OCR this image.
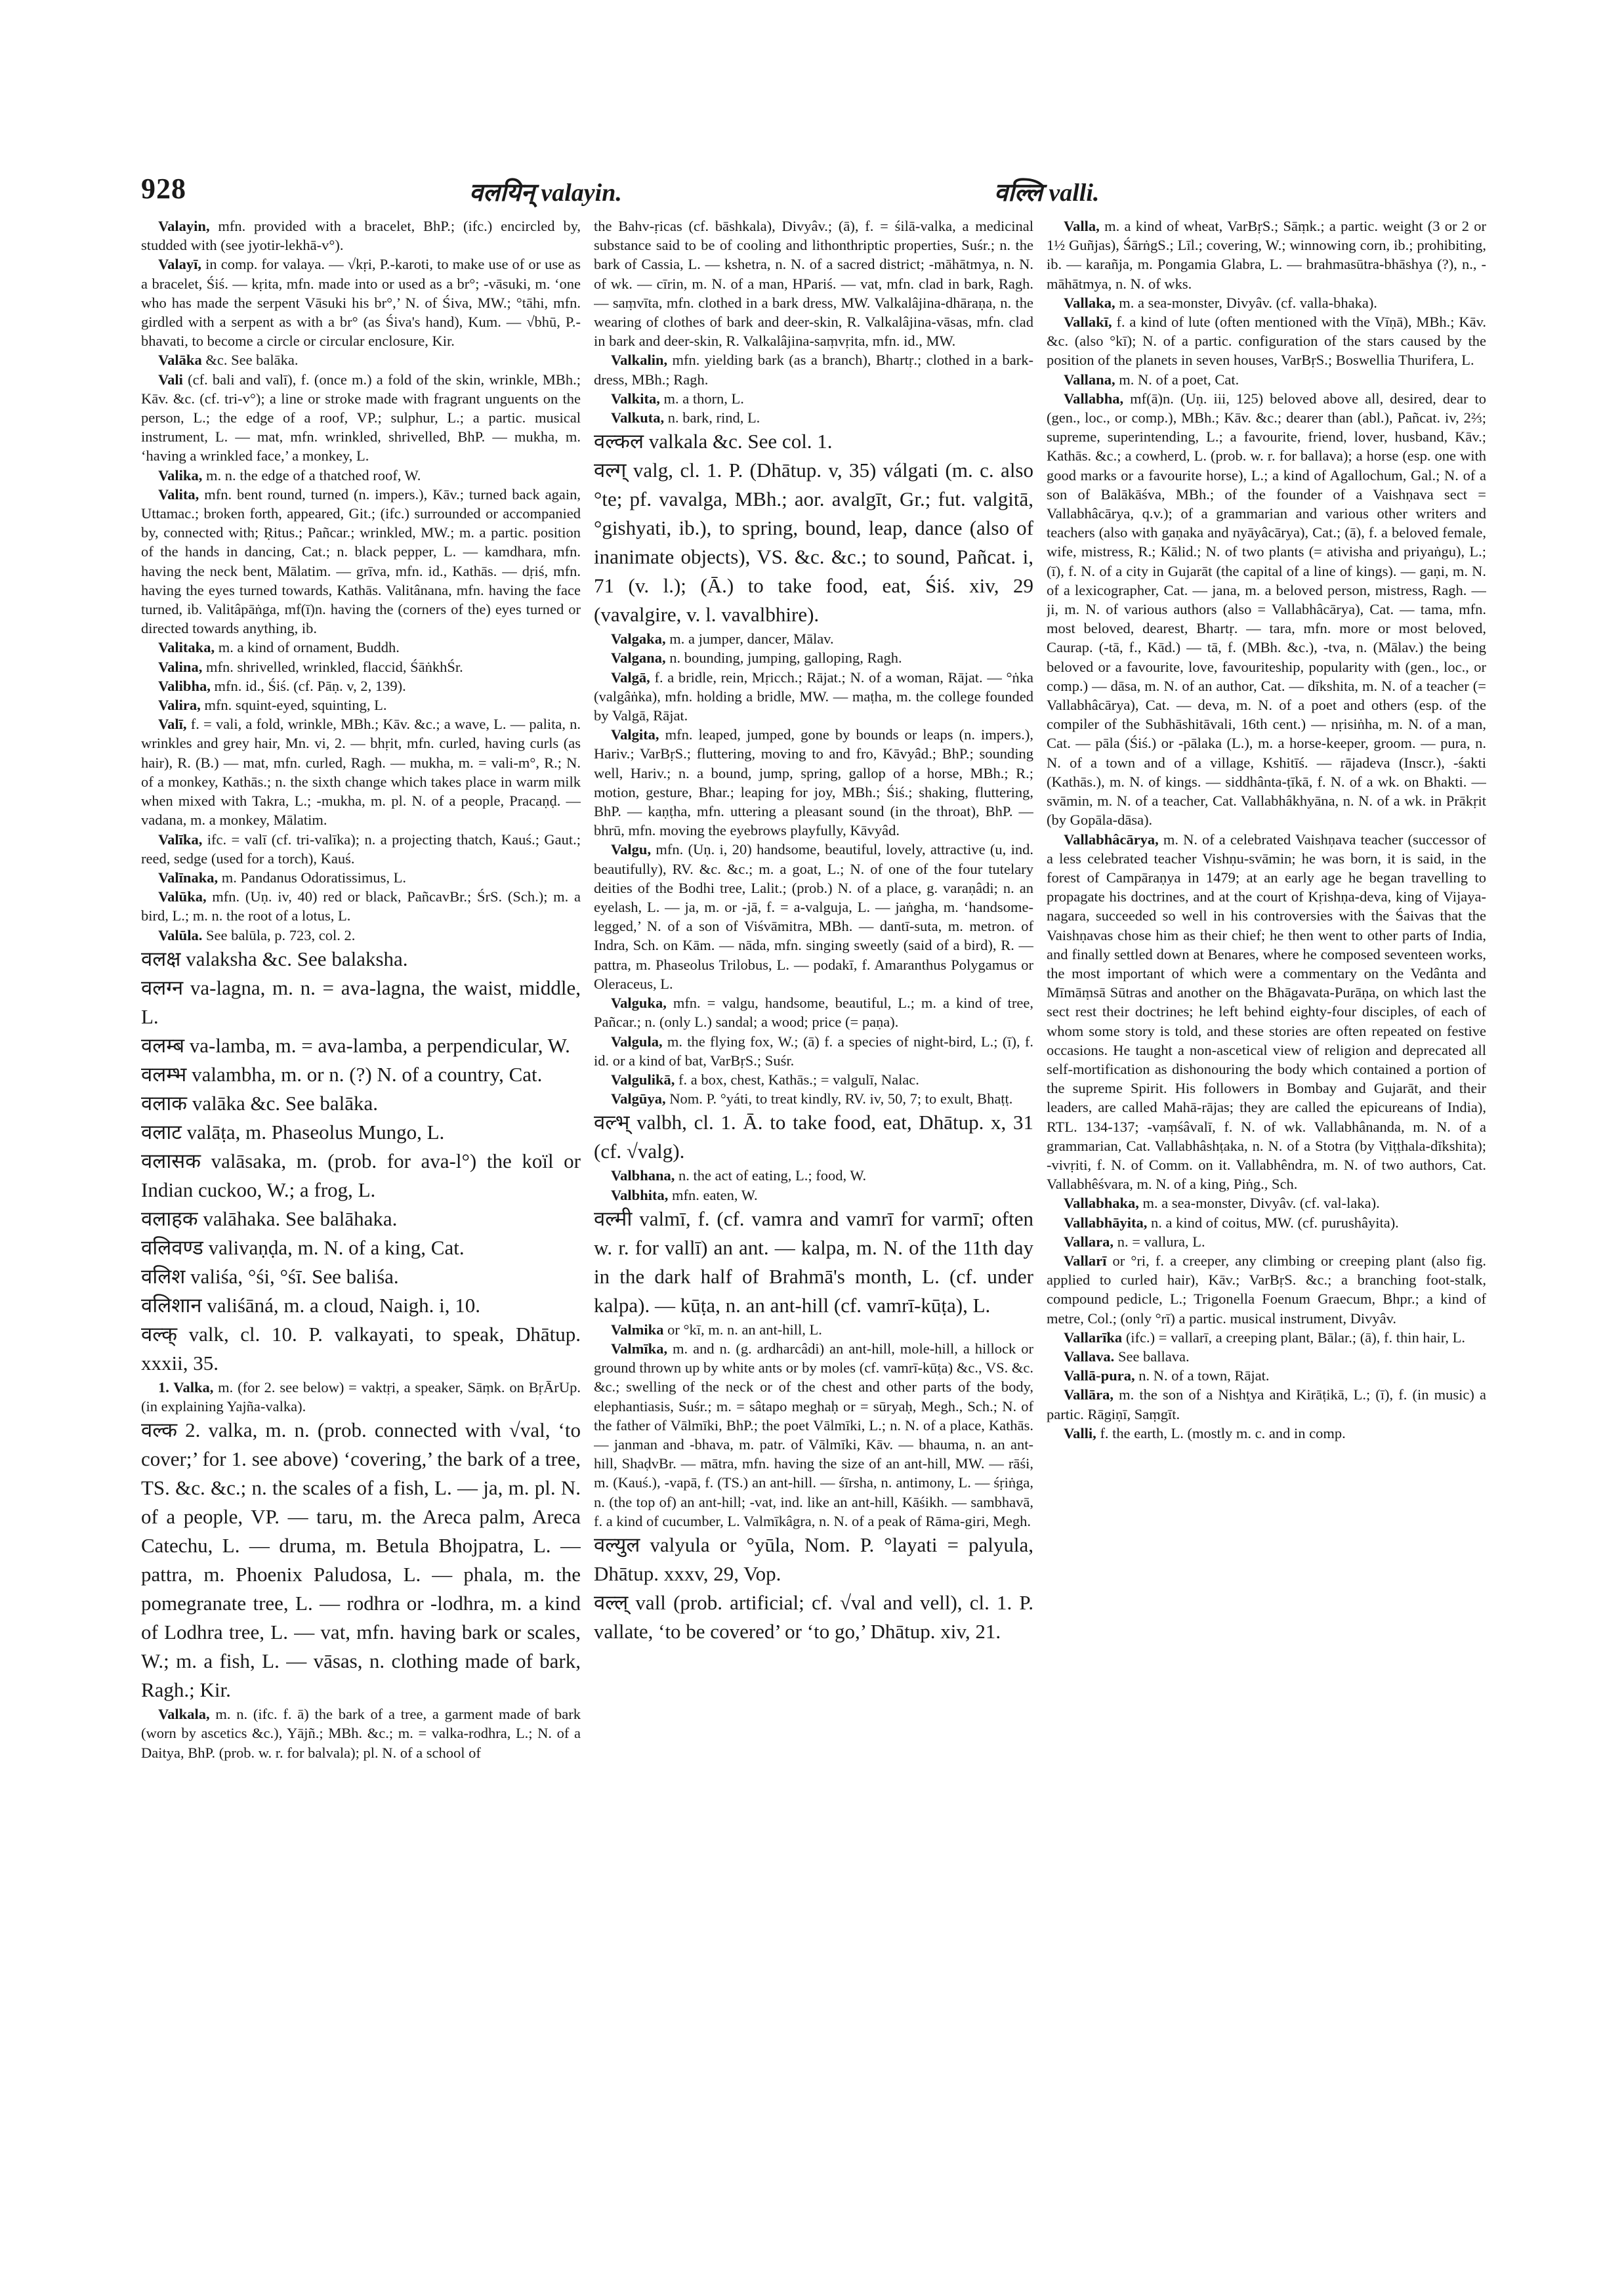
928	वलयिन् valayin.	वल्लि valli.

Valayin, mfn. provided with a bracelet, BhP.; (ifc.) encircled by, studded with (see jyotir-lekhā-v°).

Valayī, in comp. for valaya. — √kṛi, P.-karoti, to make use of or use as a bracelet, Śiś. — kṛita, mfn. made into or used as a br°; -vāsuki, m. ‘one who has made the serpent Vāsuki his br°,’ N. of Śiva, MW.; °tāhi, mfn. girdled with a serpent as with a br° (as Śiva's hand), Kum. — √bhū, P.-bhavati, to become a circle or circular enclosure, Kir.

Valāka &c. See balāka.

Vali (cf. bali and valī), f. (once m.) a fold of the skin, wrinkle, MBh.; Kāv. &c. (cf. tri-v°); a line or stroke made with fragrant unguents on the person, L.; the edge of a roof, VP.; sulphur, L.; a partic. musical instrument, L. — mat, mfn. wrinkled, shrivelled, BhP. — mukha, m. ‘having a wrinkled face,’ a monkey, L.

Valika, m. n. the edge of a thatched roof, W.

Valita, mfn. bent round, turned (n. impers.), Kāv.; turned back again, Uttamac.; broken forth, appeared, Git.; (ifc.) surrounded or accompanied by, connected with; Ṛitus.; Pañcar.; wrinkled, MW.; m. a partic. position of the hands in dancing, Cat.; n. black pepper, L. — kamdhara, mfn. having the neck bent, Mālatim. — grīva, mfn. id., Kathās. — dṛiś, mfn. having the eyes turned towards, Kathās. Valitânana, mfn. having the face turned, ib. Valitâpāṅga, mf(ī)n. having the (corners of the) eyes turned or directed towards anything, ib.

Valitaka, m. a kind of ornament, Buddh.

Valina, mfn. shrivelled, wrinkled, flaccid, ŚāṅkhŚr.

Valibha, mfn. id., Śiś. (cf. Pāṇ. v, 2, 139).

Valira, mfn. squint-eyed, squinting, L.

Valī, f. = vali, a fold, wrinkle, MBh.; Kāv. &c.; a wave, L. — palita, n. wrinkles and grey hair, Mn. vi, 2. — bhṛit, mfn. curled, having curls (as hair), R. (B.) — mat, mfn. curled, Ragh. — mukha, m. = vali-m°, R.; N. of a monkey, Kathās.; n. the sixth change which takes place in warm milk when mixed with Takra, L.; -mukha, m. pl. N. of a people, Pracaṇḍ. — vadana, m. a monkey, Mālatim.

Valīka, ifc. = valī (cf. tri-valīka); n. a projecting thatch, Kauś.; Gaut.; reed, sedge (used for a torch), Kauś.

Valīnaka, m. Pandanus Odoratissimus, L.

Valūka, mfn. (Uṇ. iv, 40) red or black, PañcavBr.; ŚrS. (Sch.); m. a bird, L.; m. n. the root of a lotus, L.

Valūla. See balūla, p. 723, col. 2.

वलक्ष valaksha &c. See balaksha.

वलग्न va-lagna, m. n. = ava-lagna, the waist, middle, L.

वलम्ब va-lamba, m. = ava-lamba, a perpendicular, W.

वलम्भ valambha, m. or n. (?) N. of a country, Cat.

वलाक valāka &c. See balāka.

वलाट valāṭa, m. Phaseolus Mungo, L.

वलासक valāsaka, m. (prob. for ava-l°) the koïl or Indian cuckoo, W.; a frog, L.

वलाहक valāhaka. See balāhaka.

वलिवण्ड valivaṇḍa, m. N. of a king, Cat.

वलिश valiśa, °śi, °śī. See baliśa.

वलिशान valiśāná, m. a cloud, Naigh. i, 10.

वल्क् valk, cl. 10. P. valkayati, to speak, Dhātup. xxxii, 35.

1. Valka, m. (for 2. see below) = vaktṛi, a speaker, Sāṃk. on BṛĀrUp. (in explaining Yajña-valka).

वल्क 2. valka, m. n. (prob. connected with √val, ‘to cover;’ for 1. see above) ‘covering,’ the bark of a tree, TS. &c. &c.; n. the scales of a fish, L. — ja, m. pl. N. of a people, VP. — taru, m. the Areca palm, Areca Catechu, L. — druma, m. Betula Bhojpatra, L. — pattra, m. Phoenix Paludosa, L. — phala, m. the pomegranate tree, L. — rodhra or -lodhra, m. a kind of Lodhra tree, L. — vat, mfn. having bark or scales, W.; m. a fish, L. — vāsas, n. clothing made of bark, Ragh.; Kir.

Valkala, m. n. (ifc. f. ā) the bark of a tree, a garment made of bark (worn by ascetics &c.), Yājñ.; MBh. &c.; m. = valka-rodhra, L.; N. of a Daitya, BhP. (prob. w. r. for balvala); pl. N. of a school of

the Bahv-ṛicas (cf. bāshkala), Divyâv.; (ā), f. = śilā-valka, a medicinal substance said to be of cooling and lithonthriptic properties, Suśr.; n. the bark of Cassia, L. — kshetra, n. N. of a sacred district; -māhātmya, n. N. of wk. — cīrin, m. N. of a man, HPariś. — vat, mfn. clad in bark, Ragh. — saṃvīta, mfn. clothed in a bark dress, MW. Valkalâjina-dhāraṇa, n. the wearing of clothes of bark and deer-skin, R. Valkalâjina-vāsas, mfn. clad in bark and deer-skin, R. Valkalâjina-saṃvṛita, mfn. id., MW.

Valkalin, mfn. yielding bark (as a branch), Bhartṛ.; clothed in a bark-dress, MBh.; Ragh.

Valkita, m. a thorn, L.

Valkuta, n. bark, rind, L.

वल्कल valkala &c. See col. 1.

वल्ग् valg, cl. 1. P. (Dhātup. v, 35) válgati (m. c. also °te; pf. vavalga, MBh.; aor. avalgīt, Gr.; fut. valgitā, °gishyati, ib.), to spring, bound, leap, dance (also of inanimate objects), VS. &c. &c.; to sound, Pañcat. i, 71 (v. l.); (Ā.) to take food, eat, Śiś. xiv, 29 (vavalgire, v. l. vavalbhire).

Valgaka, m. a jumper, dancer, Mālav.

Valgana, n. bounding, jumping, galloping, Ragh.

Valgā, f. a bridle, rein, Mṛicch.; Rājat.; N. of a woman, Rājat. — °ṅka (valgâṅka), mfn. holding a bridle, MW. — maṭha, m. the college founded by Valgā, Rājat.

Valgita, mfn. leaped, jumped, gone by bounds or leaps (n. impers.), Hariv.; VarBṛS.; fluttering, moving to and fro, Kāvyâd.; BhP.; sounding well, Hariv.; n. a bound, jump, spring, gallop of a horse, MBh.; R.; motion, gesture, Bhar.; leaping for joy, MBh.; Śiś.; shaking, fluttering, BhP. — kaṇṭha, mfn. uttering a pleasant sound (in the throat), BhP. — bhrū, mfn. moving the eyebrows playfully, Kāvyâd.

Valgu, mfn. (Uṇ. i, 20) handsome, beautiful, lovely, attractive (u, ind. beautifully), RV. &c. &c.; m. a goat, L.; N. of one of the four tutelary deities of the Bodhi tree, Lalit.; (prob.) N. of a place, g. varaṇâdi; n. an eyelash, L. — ja, m. or -jā, f. = a-valguja, L. — jaṅgha, m. ‘handsome-legged,’ N. of a son of Viśvāmitra, MBh. — dantī-suta, m. metron. of Indra, Sch. on Kām. — nāda, mfn. singing sweetly (said of a bird), R. — pattra, m. Phaseolus Trilobus, L. — podakī, f. Amaranthus Polygamus or Oleraceus, L.

Valguka, mfn. = valgu, handsome, beautiful, L.; m. a kind of tree, Pañcar.; n. (only L.) sandal; a wood; price (= paṇa).

Valgula, m. the flying fox, W.; (ā) f. a species of night-bird, L.; (ī), f. id. or a kind of bat, VarBṛS.; Suśr.

Valgulikā, f. a box, chest, Kathās.; = valgulī, Nalac.

Valgūya, Nom. P. °yáti, to treat kindly, RV. iv, 50, 7; to exult, Bhaṭṭ.

वल्भ् valbh, cl. 1. Ā. to take food, eat, Dhātup. x, 31 (cf. √valg).

Valbhana, n. the act of eating, L.; food, W.

Valbhita, mfn. eaten, W.

वल्मी valmī, f. (cf. vamra and vamrī for varmī; often w. r. for vallī) an ant. — kalpa, m. N. of the 11th day in the dark half of Brahmā's month, L. (cf. under kalpa). — kūṭa, n. an ant-hill (cf. vamrī-kūṭa), L.

Valmika or °kī, m. n. an ant-hill, L.

Valmīka, m. and n. (g. ardharcâdi) an ant-hill, mole-hill, a hillock or ground thrown up by white ants or by moles (cf. vamrī-kūṭa) &c., VS. &c. &c.; swelling of the neck or of the chest and other parts of the body, elephantiasis, Suśr.; m. = sâtapo meghaḥ or = sūryaḥ, Megh., Sch.; N. of the father of Vālmīki, BhP.; the poet Vālmīki, L.; n. N. of a place, Kathās. — janman and -bhava, m. patr. of Vālmīki, Kāv. — bhauma, n. an ant-hill, ShaḍvBr. — mātra, mfn. having the size of an ant-hill, MW. — rāśi, m. (Kauś.), -vapā, f. (TS.) an ant-hill. — śīrsha, n. antimony, L. — śṛiṅga, n. (the top of) an ant-hill; -vat, ind. like an ant-hill, Kāśikh. — sambhavā, f. a kind of cucumber, L. Valmīkâgra, n. N. of a peak of Rāma-giri, Megh.

वल्युल valyula or °yūla, Nom. P. °layati = palyula, Dhātup. xxxv, 29, Vop.

वल्ल् vall (prob. artificial; cf. √val and vell), cl. 1. P. vallate, ‘to be covered’ or ‘to go,’ Dhātup. xiv, 21.

Valla, m. a kind of wheat, VarBṛS.; Sāṃk.; a partic. weight (3 or 2 or 1½ Guñjas), ŚārṅgS.; Līl.; covering, W.; winnowing corn, ib.; prohibiting, ib. — karañja, m. Pongamia Glabra, L. — brahmasūtra-bhāshya (?), n., -māhātmya, n. N. of wks.

Vallaka, m. a sea-monster, Divyâv. (cf. valla-bhaka).

Vallakī, f. a kind of lute (often mentioned with the Vīṇā), MBh.; Kāv. &c. (also °kī); N. of a partic. configuration of the stars caused by the position of the planets in seven houses, VarBṛS.; Boswellia Thurifera, L.

Vallana, m. N. of a poet, Cat.

Vallabha, mf(ā)n. (Uṇ. iii, 125) beloved above all, desired, dear to (gen., loc., or comp.), MBh.; Kāv. &c.; dearer than (abl.), Pañcat. iv, 2⅔; supreme, superintending, L.; a favourite, friend, lover, husband, Kāv.; Kathās. &c.; a cowherd, L. (prob. w. r. for ballava); a horse (esp. one with good marks or a favourite horse), L.; a kind of Agallochum, Gal.; N. of a son of Balākāśva, MBh.; of the founder of a Vaishṇava sect = Vallabhâcārya, q.v.); of a grammarian and various other writers and teachers (also with gaṇaka and nyāyâcārya), Cat.; (ā), f. a beloved female, wife, mistress, R.; Kālid.; N. of two plants (= ativisha and priyaṅgu), L.; (ī), f. N. of a city in Gujarāt (the capital of a line of kings). — gaṇi, m. N. of a lexicographer, Cat. — jana, m. a beloved person, mistress, Ragh. — ji, m. N. of various authors (also = Vallabhâcārya), Cat. — tama, mfn. most beloved, dearest, Bhartṛ. — tara, mfn. more or most beloved, Caurap. (-tā, f., Kād.) — tā, f. (MBh. &c.), -tva, n. (Mālav.) the being beloved or a favourite, love, favouriteship, popularity with (gen., loc., or comp.) — dāsa, m. N. of an author, Cat. — dīkshita, m. N. of a teacher (= Vallabhâcārya), Cat. — deva, m. N. of a poet and others (esp. of the compiler of the Subhāshitāvali, 16th cent.) — nṛisiṅha, m. N. of a man, Cat. — pāla (Śiś.) or -pālaka (L.), m. a horse-keeper, groom. — pura, n. N. of a town and of a village, Kshitīś. — rājadeva (Inscr.), -śakti (Kathās.), m. N. of kings. — siddhânta-ṭīkā, f. N. of a wk. on Bhakti. — svāmin, m. N. of a teacher, Cat. Vallabhâkhyāna, n. N. of a wk. in Prākṛit (by Gopāla-dāsa).

Vallabhâcārya, m. N. of a celebrated Vaishṇava teacher (successor of a less celebrated teacher Vishṇu-svāmin; he was born, it is said, in the forest of Campāraṇya in 1479; at an early age he began travelling to propagate his doctrines, and at the court of Kṛishṇa-deva, king of Vijaya-nagara, succeeded so well in his controversies with the Śaivas that the Vaishṇavas chose him as their chief; he then went to other parts of India, and finally settled down at Benares, where he composed seventeen works, the most important of which were a commentary on the Vedânta and Mīmāṃsā Sūtras and another on the Bhāgavata-Purāṇa, on which last the sect rest their doctrines; he left behind eighty-four disciples, of each of whom some story is told, and these stories are often repeated on festive occasions. He taught a non-ascetical view of religion and deprecated all self-mortification as dishonouring the body which contained a portion of the supreme Spirit. His followers in Bombay and Gujarāt, and their leaders, are called Mahā-rājas; they are called the epicureans of India), RTL. 134-137; -vaṃśâvalī, f. N. of wk. Vallabhânanda, m. N. of a grammarian, Cat. Vallabhâshṭaka, n. N. of a Stotra (by Viṭṭhala-dīkshita); -vivṛiti, f. N. of Comm. on it. Vallabhêndra, m. N. of two authors, Cat. Vallabhêśvara, m. N. of a king, Piṅg., Sch.

Vallabhaka, m. a sea-monster, Divyâv. (cf. val-laka).

Vallabhāyita, n. a kind of coitus, MW. (cf. purushâyita).

Vallara, n. = vallura, L.

Vallarī or °ri, f. a creeper, any climbing or creeping plant (also fig. applied to curled hair), Kāv.; VarBṛS. &c.; a branching foot-stalk, compound pedicle, L.; Trigonella Foenum Graecum, Bhpr.; a kind of metre, Col.; (only °rī) a partic. musical instrument, Divyâv.

Vallarīka (ifc.) = vallarī, a creeping plant, Bālar.; (ā), f. thin hair, L.

Vallava. See ballava.

Vallā-pura, n. N. of a town, Rājat.

Vallāra, m. the son of a Nishṭya and Kirāṭikā, L.; (ī), f. (in music) a partic. Rāgiṇī, Saṃgīt.

Valli, f. the earth, L. (mostly m. c. and in comp.
